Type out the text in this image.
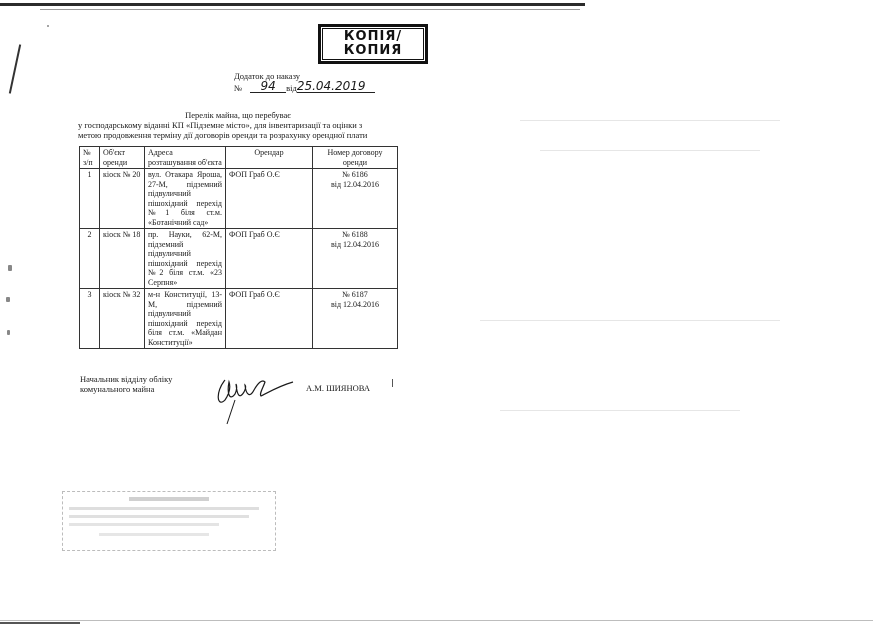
КОПІЯ/
КОПИЯ
Додаток до наказу
№	94	від 25.04.2019
Перелік майна, що перебуває
у господарському віданні КП «Підземне місто», для інвентаризації та оцінки з
метою продовження терміну дії договорів оренди та розрахунку орендної плати
№ з/п	Об'єкт оренди	Адреса розташування об'єкта	Орендар	Номер договору оренди
1	кіоск № 20	вул. Отакара Яроша, 27-М, підземний підвуличний пішохідний перехід №1 біля ст.м. «Ботанічний сад»	ФОП Граб О.Є	№ 6186
від 12.04.2016

2	кіоск № 18	пр. Науки, 62-М, підземний підвуличний пішохідний перехід №2 біля ст.м. «23 Серпня»	ФОП Граб О.Є	№ 6188
від 12.04.2016

3	кіоск № 32	м-н Конституції, 13-М, підземний підвуличний пішохідний перехід біля ст.м. «Майдан Конституції»	ФОП Граб О.Є	№ 6187
від 12.04.2016
Начальник відділу обліку
комунального майна	А.М. ШИЯНОВА
